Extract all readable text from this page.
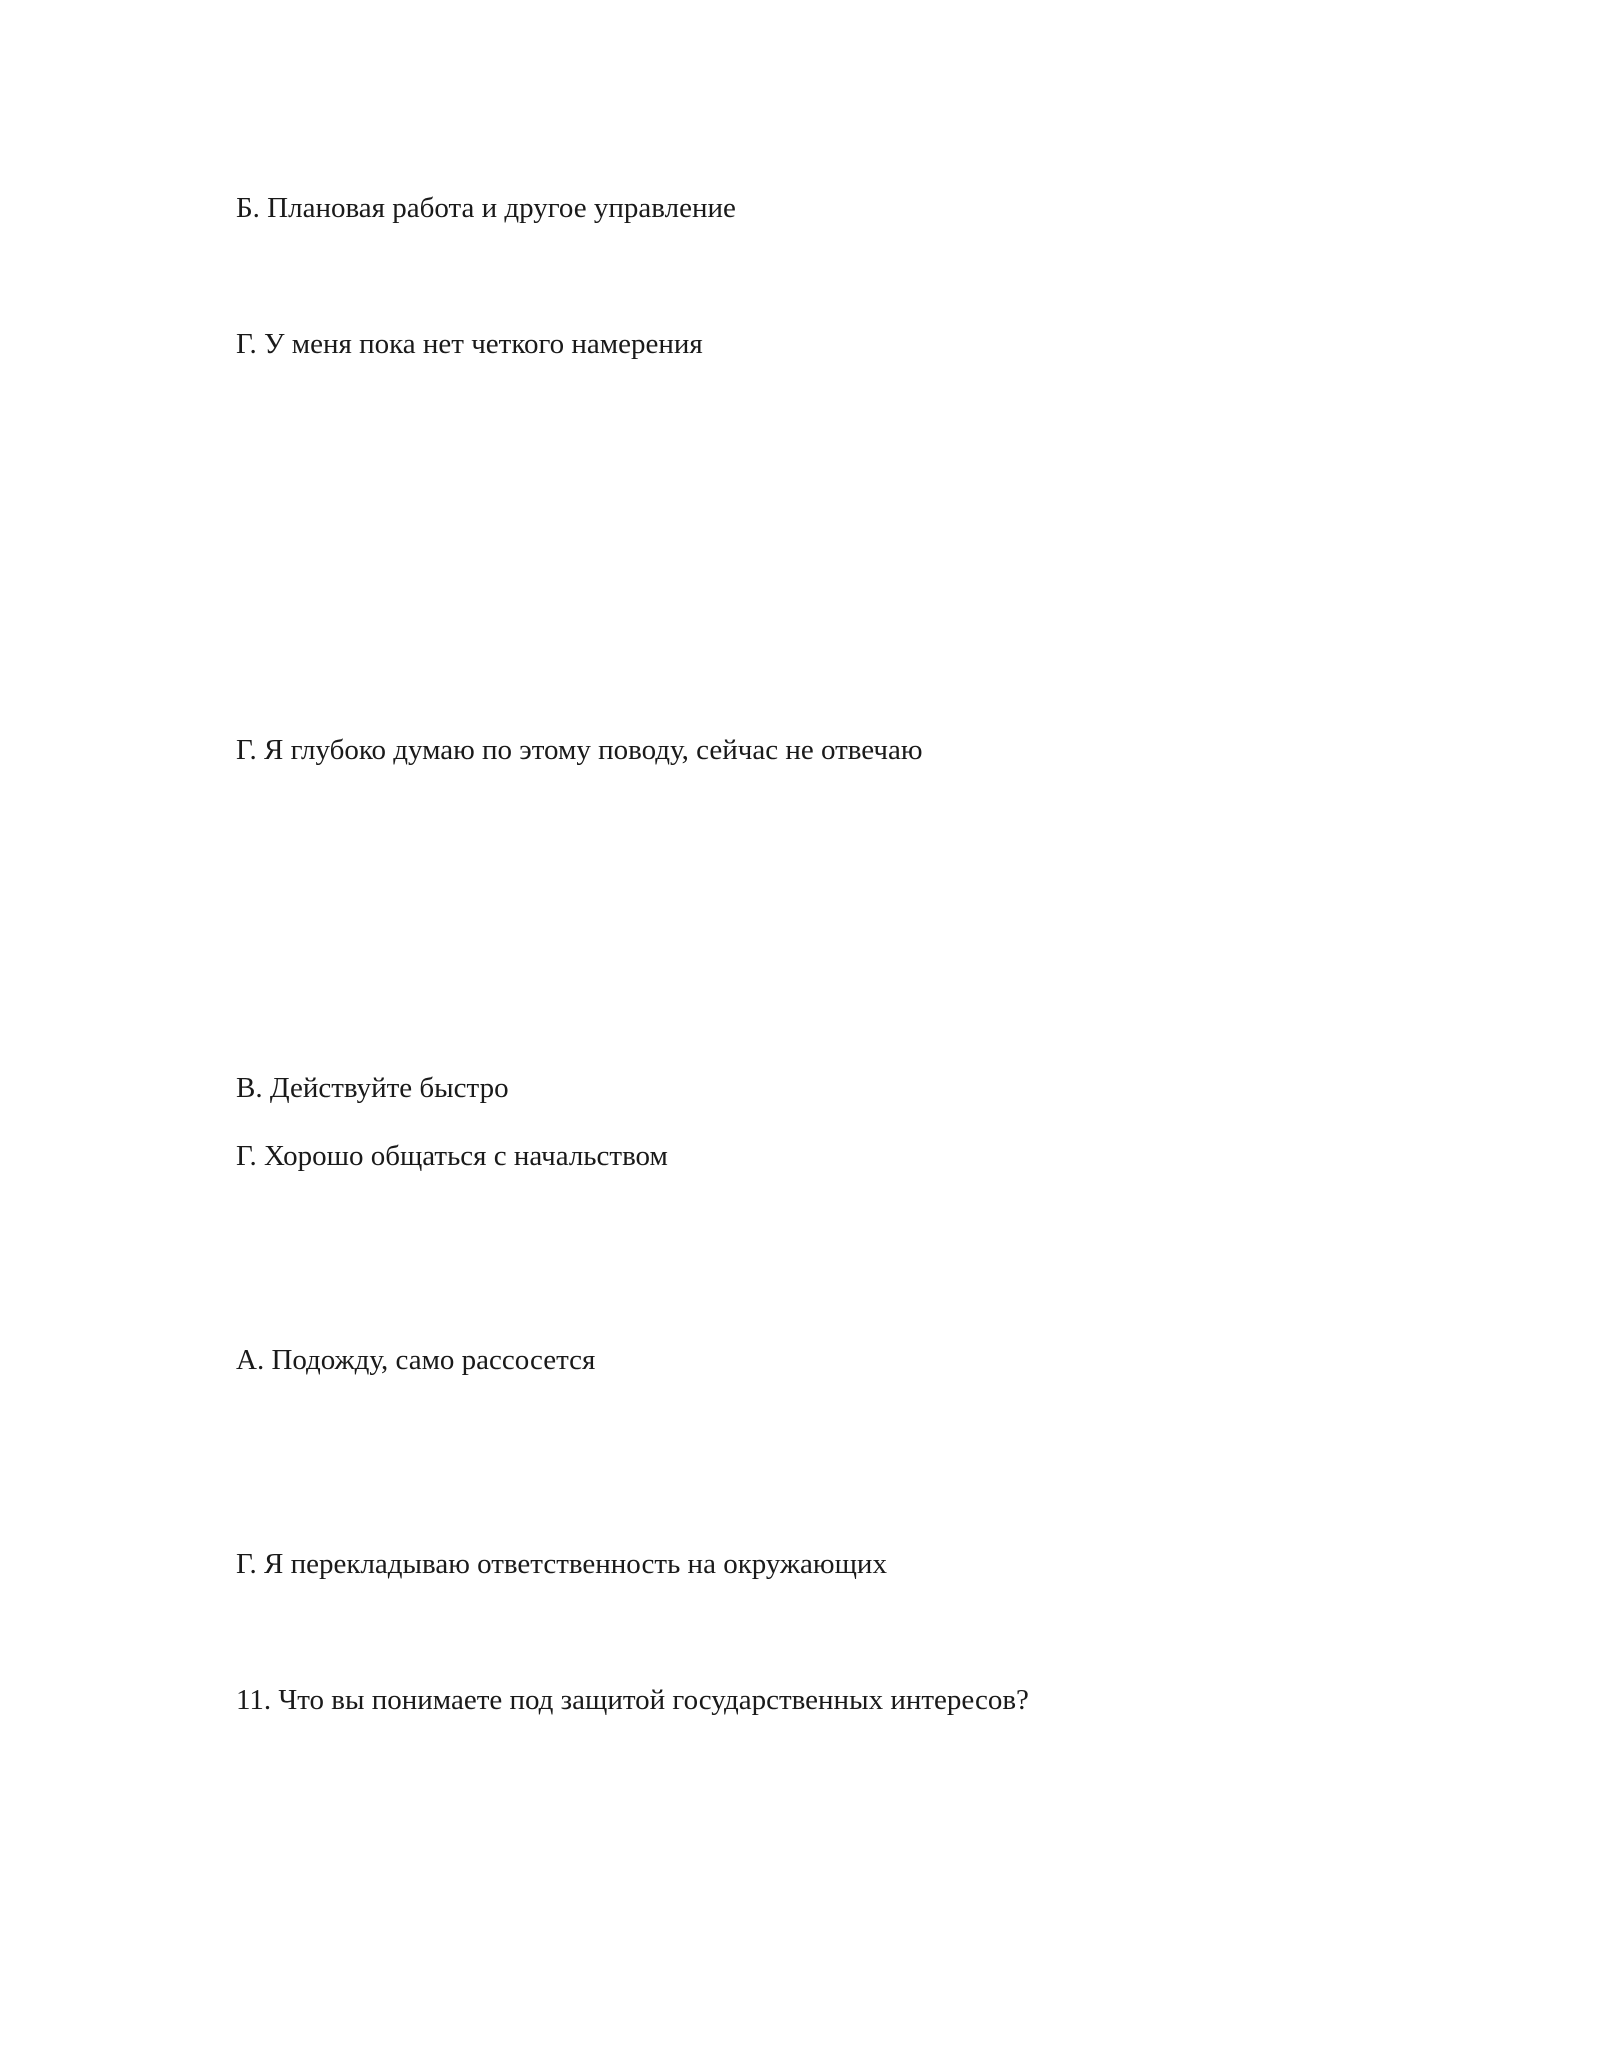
Б. Плановая работа и другое управление

Г. У меня пока нет четкого намерения

Г. Я глубоко думаю по этому поводу, сейчас не отвечаю

В. Действуйте быстро

Г. Хорошо общаться с начальством

А. Подожду, само рассосется

Г. Я перекладываю ответственность на окружающих

11. Что вы понимаете под защитой государственных интересов?
